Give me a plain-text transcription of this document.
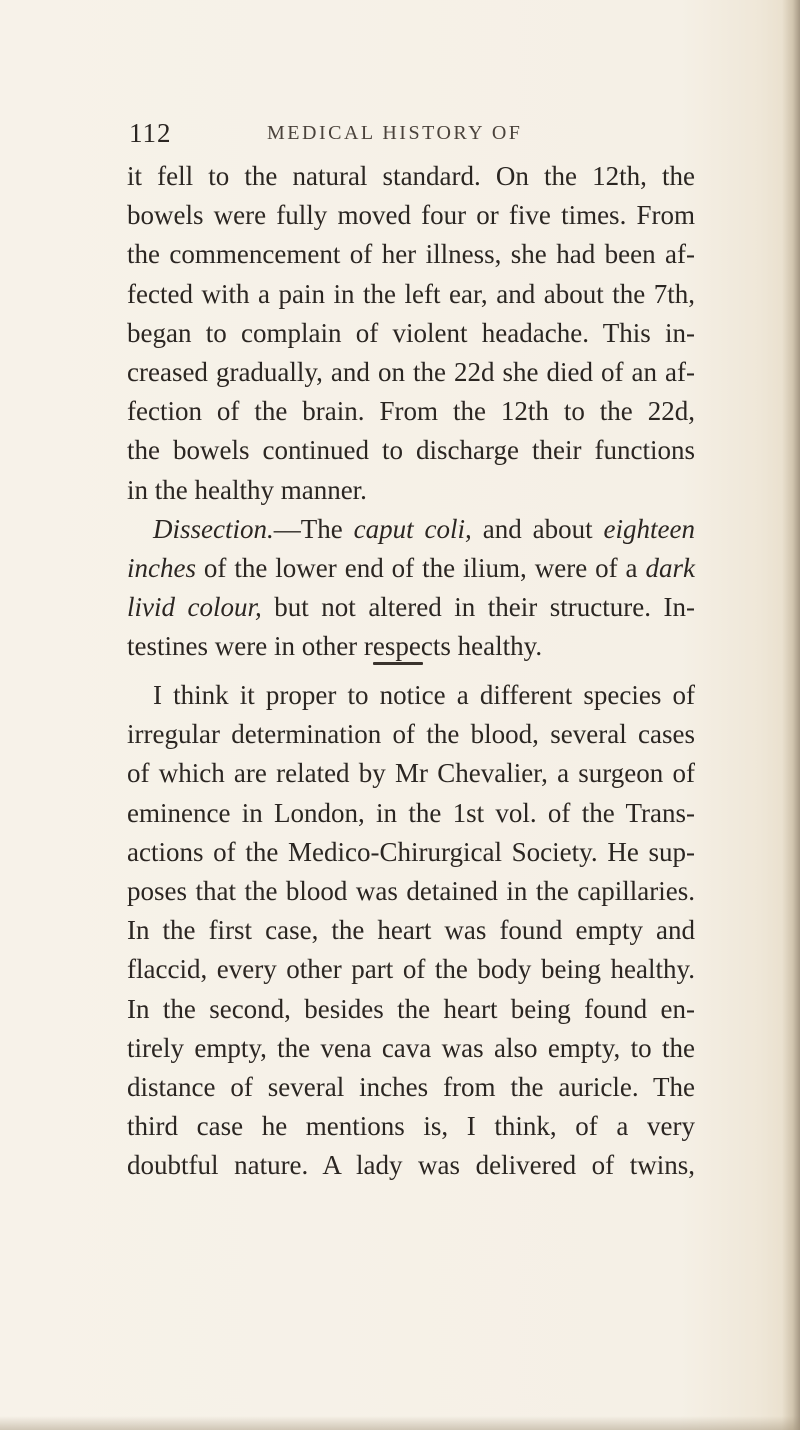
112	MEDICAL HISTORY OF
it fell to the natural standard. On the 12th, the
bowels were fully moved four or five times. From
the commencement of her illness, she had been af-
fected with a pain in the left ear, and about the 7th,
began to complain of violent headache. This in-
creased gradually, and on the 22d she died of an af-
fection of the brain. From the 12th to the 22d,
the bowels continued to discharge their functions
in the healthy manner.
Dissection.—The caput coli, and about eighteen
inches of the lower end of the ilium, were of a dark
livid colour, but not altered in their structure. In-
testines were in other respects healthy.
I think it proper to notice a different species of
irregular determination of the blood, several cases
of which are related by Mr Chevalier, a surgeon of
eminence in London, in the 1st vol. of the Trans-
actions of the Medico-Chirurgical Society. He sup-
poses that the blood was detained in the capillaries.
In the first case, the heart was found empty and
flaccid, every other part of the body being healthy.
In the second, besides the heart being found en-
tirely empty, the vena cava was also empty, to the
distance of several inches from the auricle. The
third case he mentions is, I think, of a very
doubtful nature. A lady was delivered of twins,
